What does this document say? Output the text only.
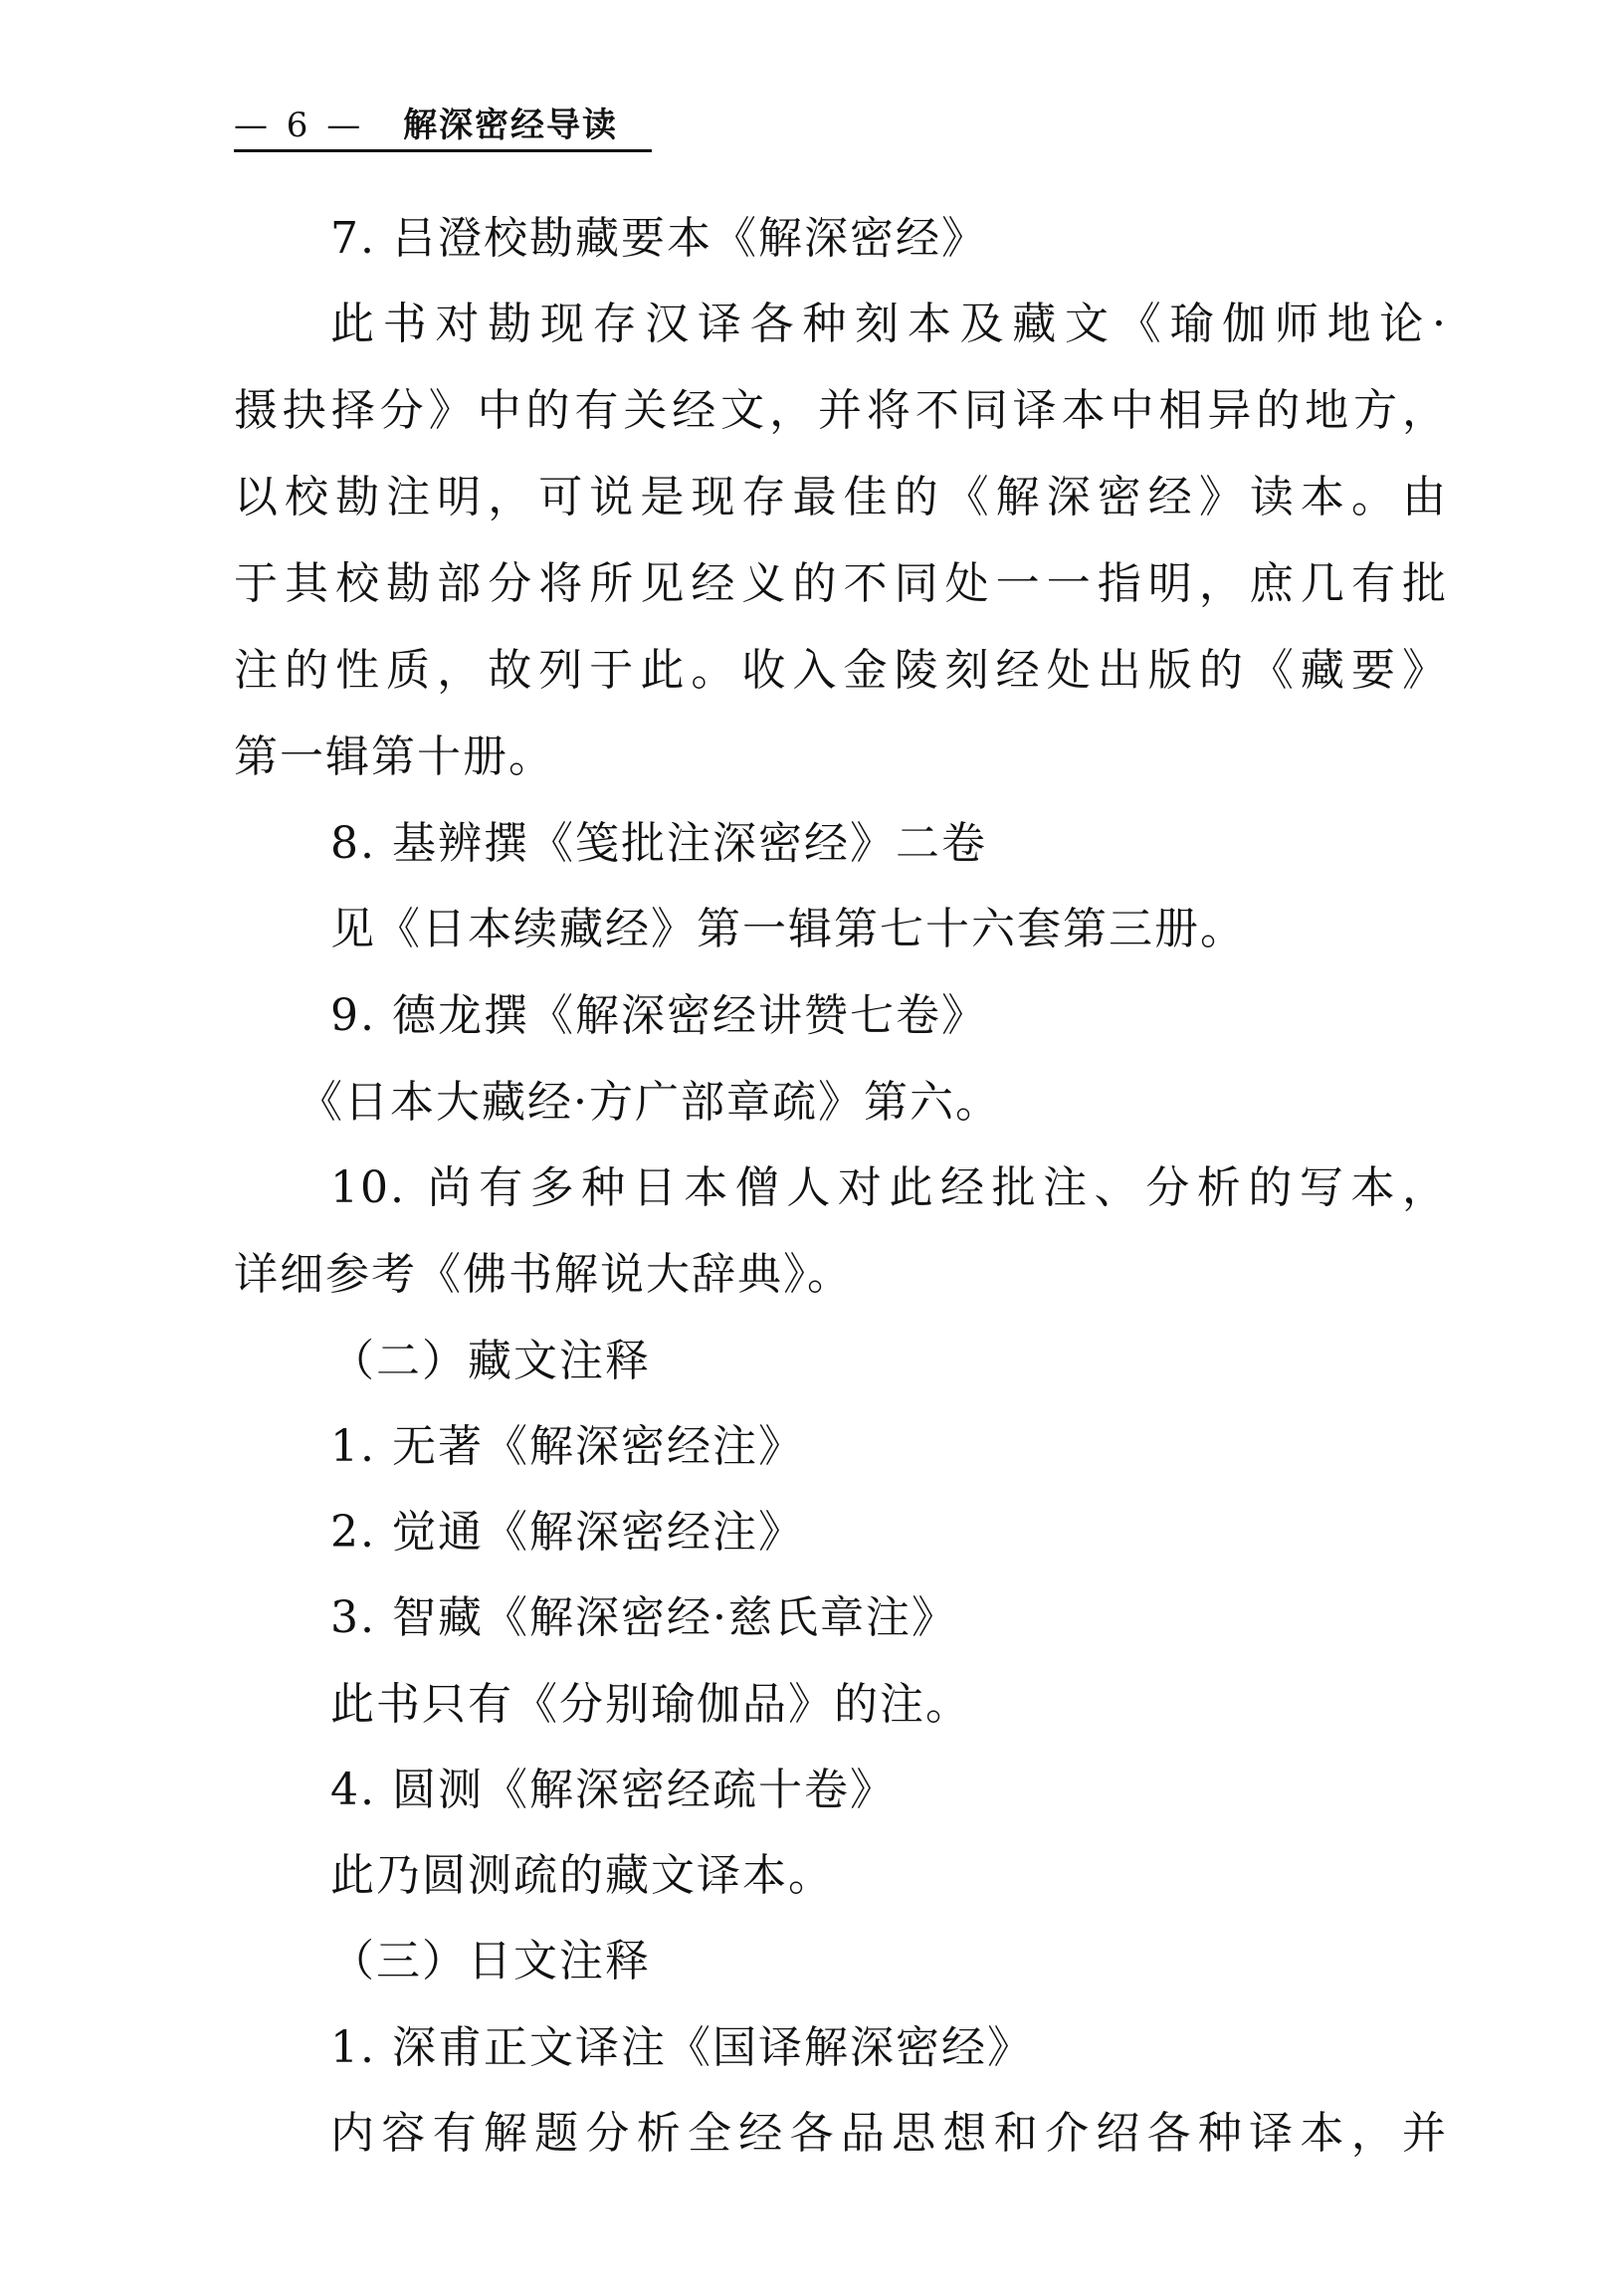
— 6 — 解深密经导读
7. 吕澄校勘藏要本《解深密经》
此书对勘现存汉译各种刻本及藏文《瑜伽师地论·
摄抉择分》中的有关经文，并将不同译本中相异的地方，
以校勘注明，可说是现存最佳的《解深密经》读本。由
于其校勘部分将所见经义的不同处一一指明，庶几有批
注的性质，故列于此。收入金陵刻经处出版的《藏要》
第一辑第十册。
8. 基辨撰《笺批注深密经》二卷
见《日本续藏经》第一辑第七十六套第三册。
9. 德龙撰《解深密经讲赞七卷》
《日本大藏经·方广部章疏》第六。
10. 尚有多种日本僧人对此经批注、分析的写本，
详细参考《佛书解说大辞典》。
（二）藏文注释
1. 无著《解深密经注》
2. 觉通《解深密经注》
3. 智藏《解深密经·慈氏章注》
此书只有《分别瑜伽品》的注。
4. 圆测《解深密经疏十卷》
此乃圆测疏的藏文译本。
（三）日文注释
1. 深甫正文译注《国译解深密经》
内容有解题分析全经各品思想和介绍各种译本，并
